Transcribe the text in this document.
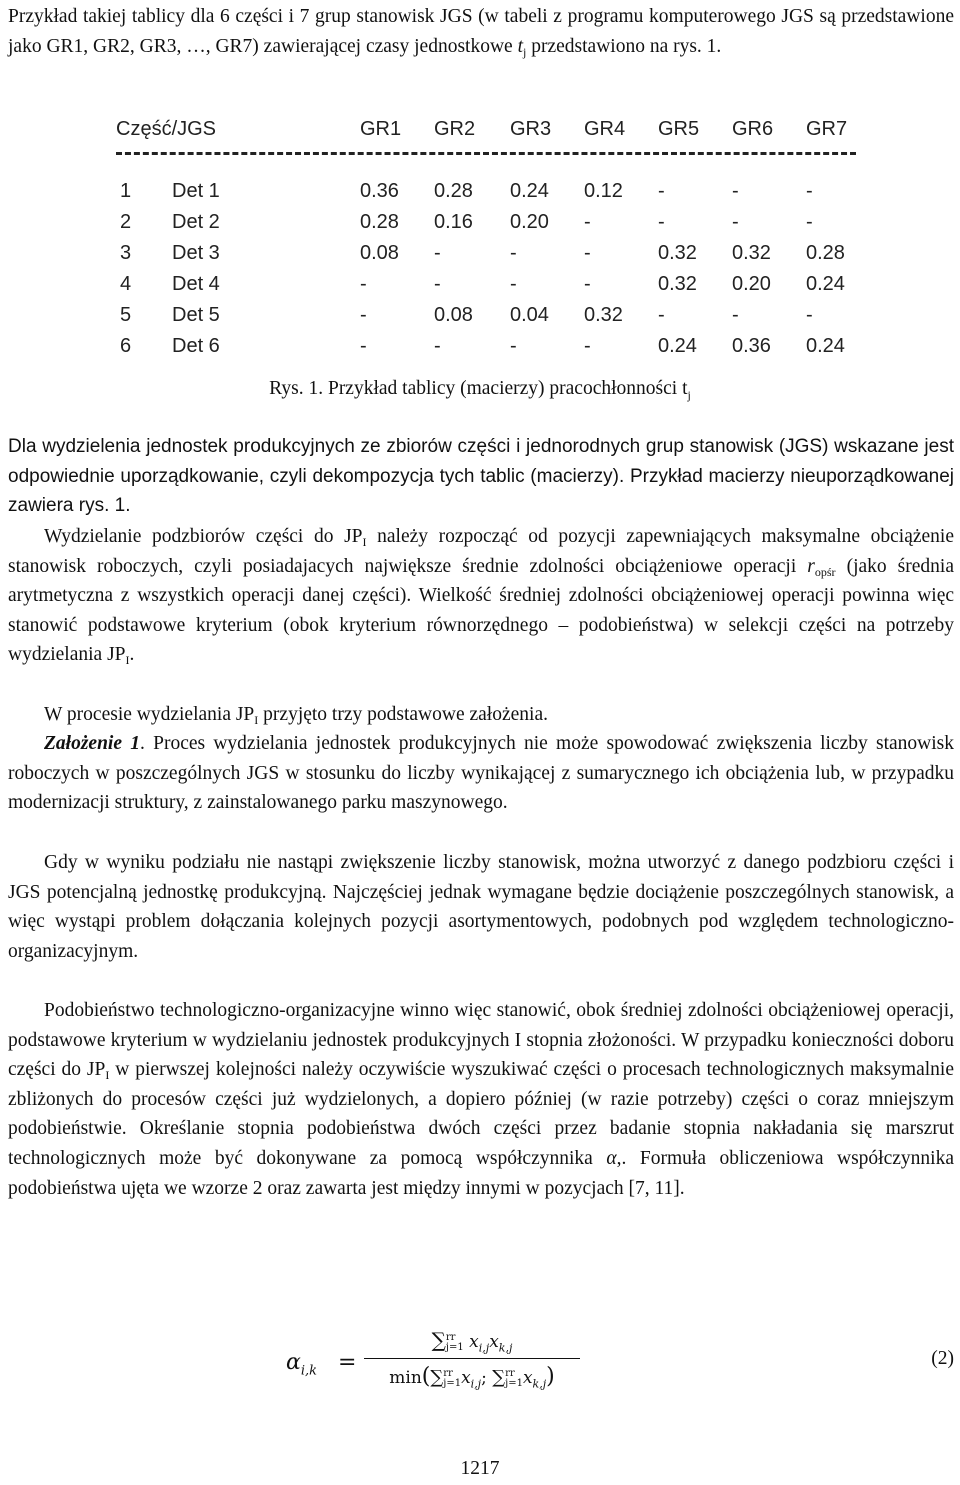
Przykład takiej tablicy dla 6 części i 7 grup stanowisk JGS (w tabeli z programu komputerowego JGS są przedstawione jako GR1, GR2, GR3, …, GR7) zawierającej czasy jednostkowe $t_j$ przedstawiono na rys. 1.

Część/JGS	GR1 GR2 GR3 GR4 GR5 GR6 GR7
1 Det 1	0.36 0.28 0.24 0.12 -	-	-
2 Det 2	0.28 0.16 0.20 -	-	-	-
3 Det 3	0.08 -	-	-	0.32 0.32 0.28
4 Det 4	-	-	-	-	0.32 0.20 0.24
5 Det 5	-	0.08 0.04 0.32 -	-	-
6 Det 6	-	-	-	-	0.24 0.36 0.24
Rys. 1. Przykład tablicy (macierzy) pracochłonności $t_j$

Dla wydzielenia jednostek produkcyjnych ze zbiorów części i jednorodnych grup stanowisk (JGS) wskazane jest odpowiednie uporządkowanie, czyli dekompozycja tych tablic (macierzy). Przykład macierzy nieuporządkowanej zawiera rys. 1.

Wydzielanie podzbiorów części do $JP_I$ należy rozpocząć od pozycji zapewniających maksymalne obciążenie stanowisk roboczych, czyli posiadajacych największe średnie zdolności obciążeniowe operacji $r_{opśr}$ (jako średnia arytmetyczna z wszystkich operacji danej części). Wielkość średniej zdolności obciążeniowej operacji powinna więc stanowić podstawowe kryterium (obok kryterium równorzędnego – podobieństwa) w selekcji części na potrzeby wydzielania $JP_I$.

W procesie wydzielania $JP_I$ przyjęto trzy podstawowe założenia.

Założenie 1. Proces wydzielania jednostek produkcyjnych nie może spowodować zwiększenia liczby stanowisk roboczych w poszczególnych JGS w stosunku do liczby wynikającej z sumarycznego ich obciążenia lub, w przypadku modernizacji struktury, z zainstalowanego parku maszynowego.

Gdy w wyniku podziału nie nastąpi zwiększenie liczby stanowisk, można utworzyć z danego podzbioru części i JGS potencjalną jednostkę produkcyjną. Najczęściej jednak wymagane będzie dociążenie poszczególnych stanowisk, a więc wystąpi problem dołączania kolejnych pozycji asortymentowych, podobnych pod względem technologiczno-organizacyjnym.

Podobieństwo technologiczno-organizacyjne winno więc stanowić, obok średniej zdolności obciążeniowej operacji, podstawowe kryterium w wydzielaniu jednostek produkcyjnych I stopnia złożoności. W przypadku konieczności doboru części do $JP_I$ w pierwszej kolejności należy oczywiście wyszukiwać części o procesach technologicznych maksymalnie zbliżonych do procesów części już wydzielonych, a dopiero później (w razie potrzeby) części o coraz mniejszym podobieństwie. Określanie stopnia podobieństwa dwóch części przez badanie stopnia nakładania się marszrut technologicznych może być dokonywane za pomocą współczynnika α,. Formuła obliczeniowa współczynnika podobieństwa ujęta we wzorze 2 oraz zawarta jest między innymi w pozycjach [7, 11].

$\alpha_{i,k}$ =
∑rr
j=1 $x_{i,j}x_{k,j}$
min(∑rr
$j=1x_{i,j}$; ∑rr
$j=1x_{k,j}$)
(2)
1217
